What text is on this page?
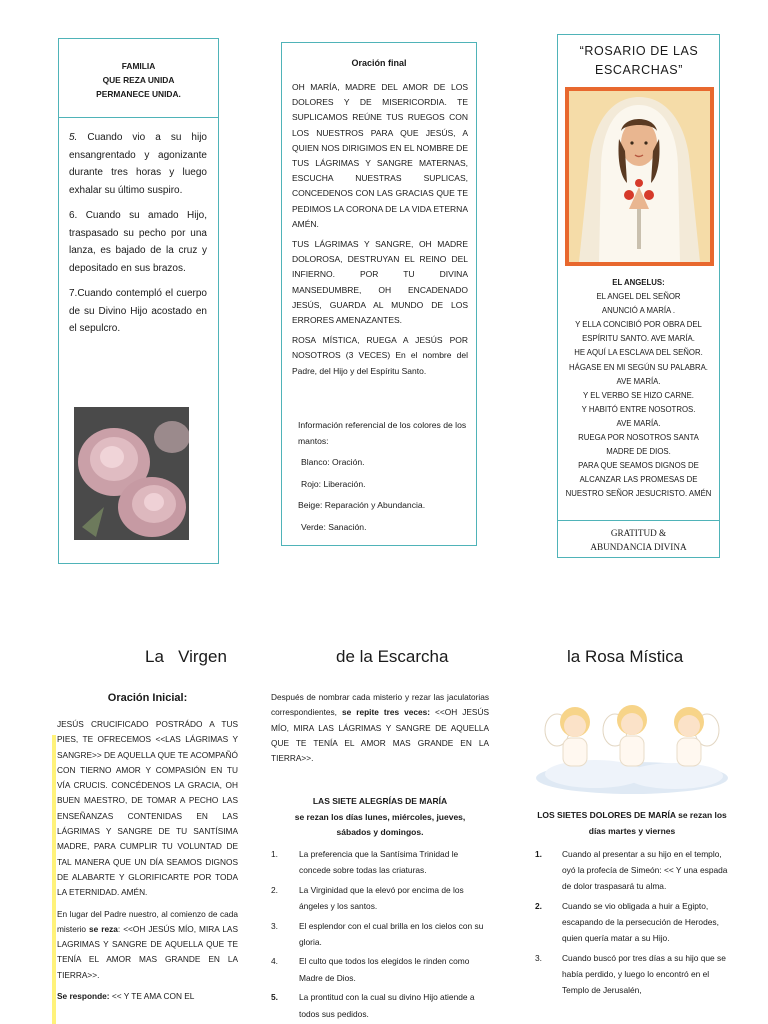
FAMILIA
QUE REZA UNIDA
PERMANECE UNIDA.

5. Cuando vio a su hijo ensangrentado y agonizante durante tres horas y luego exhalar su último suspiro.

6. Cuando su amado Hijo, traspasado su pecho por una lanza, es bajado de la cruz y depositado en sus brazos.

7.Cuando contempló el cuerpo de su Divino Hijo acostado en el sepulcro.

Oración final

OH MARÍA, MADRE DEL AMOR DE LOS DOLORES Y DE MISERICORDIA. TE SUPLICAMOS REÚNE TUS RUEGOS CON LOS NUESTROS PARA QUE JESÚS, A QUIEN NOS DIRIGIMOS EN EL NOMBRE DE TUS LÁGRIMAS Y SANGRE MATERNAS, ESCUCHA NUESTRAS SUPLICAS, CONCEDENOS CON LAS GRACIAS QUE TE PEDIMOS LA CORONA DE LA VIDA ETERNA AMÉN.

TUS LÁGRIMAS Y SANGRE, OH MADRE DOLOROSA, DESTRUYAN EL REINO DEL INFIERNO. POR TU DIVINA MANSEDUMBRE, OH ENCADENADO JESÚS, GUARDA AL MUNDO DE LOS ERRORES AMENAZANTES.

ROSA MÍSTICA, RUEGA A JESÚS POR NOSOTROS (3 VECES) En el nombre del Padre, del Hijo y del Espíritu Santo.

Información referencial de los colores de los mantos:

Blanco: Oración.

Rojo: Liberación.

Beige: Reparación y Abundancia.

Verde: Sanación.

“ROSARIO DE LAS ESCARCHAS”
EL ANGELUS:
EL ANGEL DEL SEÑOR
ANUNCIÓ A MARÍA .
Y ELLA CONCIBIÓ POR OBRA DEL
ESPÍRITU SANTO. AVE MARÍA.
HE AQUÍ LA ESCLAVA DEL SEÑOR.
HÁGASE EN MI SEGÚN SU PALABRA.
AVE MARÍA.
Y EL VERBO SE HIZO CARNE.
Y HABITÓ ENTRE NOSOTROS.
AVE MARÍA.
RUEGA POR NOSOTROS SANTA
MADRE DE DIOS.
PARA QUE SEAMOS DIGNOS DE
ALCANZAR LAS PROMESAS DE
NUESTRO SEÑOR JESUCRISTO. AMÉN
GRATITUD &
ABUNDANCIA DIVINA
La   Virgen	de la Escarcha	la Rosa Mística
Oración Inicial:

JESÚS CRUCIFICADO POSTRÁDO A TUS PIES, TE OFRECEMOS <<LAS LÁGRIMAS Y SANGRE>> DE AQUELLA QUE TE ACOMPAÑÓ CON TIERNO AMOR Y COMPASIÓN EN TU VÍA CRUCIS. CONCÉDENOS LA GRACIA, OH BUEN MAESTRO, DE TOMAR A PECHO LAS ENSEÑANZAS CONTENIDAS EN LAS LÁGRIMAS Y SANGRE DE TU SANTÍSIMA MADRE, PARA CUMPLIR TU VOLUNTAD DE TAL MANERA QUE UN DÍA SEAMOS DIGNOS DE ALABARTE Y GLORIFICARTE POR TODA LA ETERNIDAD. AMÉN.

En lugar del Padre nuestro, al comienzo de cada misterio se reza: <<OH JESÚS MÍO, MIRA LAS LAGRIMAS Y SANGRE DE AQUELLA QUE TE TENÍA EL AMOR MAS GRANDE EN LA TIERRA>>.

Se responde: << Y TE AMA CON EL

Después de nombrar cada misterio y rezar las jaculatorias correspondientes, se repite tres veces: <<OH JESÚS MÍO, MIRA LAS LÁGRIMAS Y SANGRE DE AQUELLA QUE TE TENÍA EL AMOR MAS GRANDE EN LA TIERRA>>.
LAS SIETE ALEGRÍAS DE MARÍA
se rezan los días lunes, miércoles, jueves, sábados y domingos.
1.	La preferencia que la Santísima Trinidad le concede sobre todas las criaturas.
2.	La Virginidad que la elevó por encima de los ángeles y los santos.
3.	El esplendor con el cual brilla en los cielos con su gloria.
4.	El culto que todos los elegidos le rinden como       Madre de Dios.
5.	La prontitud con la cual su divino Hijo atiende a todos sus pedidos.
LOS SIETES DOLORES DE MARÍA se rezan los días martes y viernes
1. Cuando al presentar a su hijo en el templo, oyó la profecía de Simeón: << Y una espada de dolor traspasará tu alma.
2. Cuando se vio obligada a huir a Egipto, escapando de la persecución de Herodes, quien quería matar a su Hijo.
3. Cuando buscó por tres días a su hijo que se había perdido, y luego lo encontró en el Templo de Jerusalén,
